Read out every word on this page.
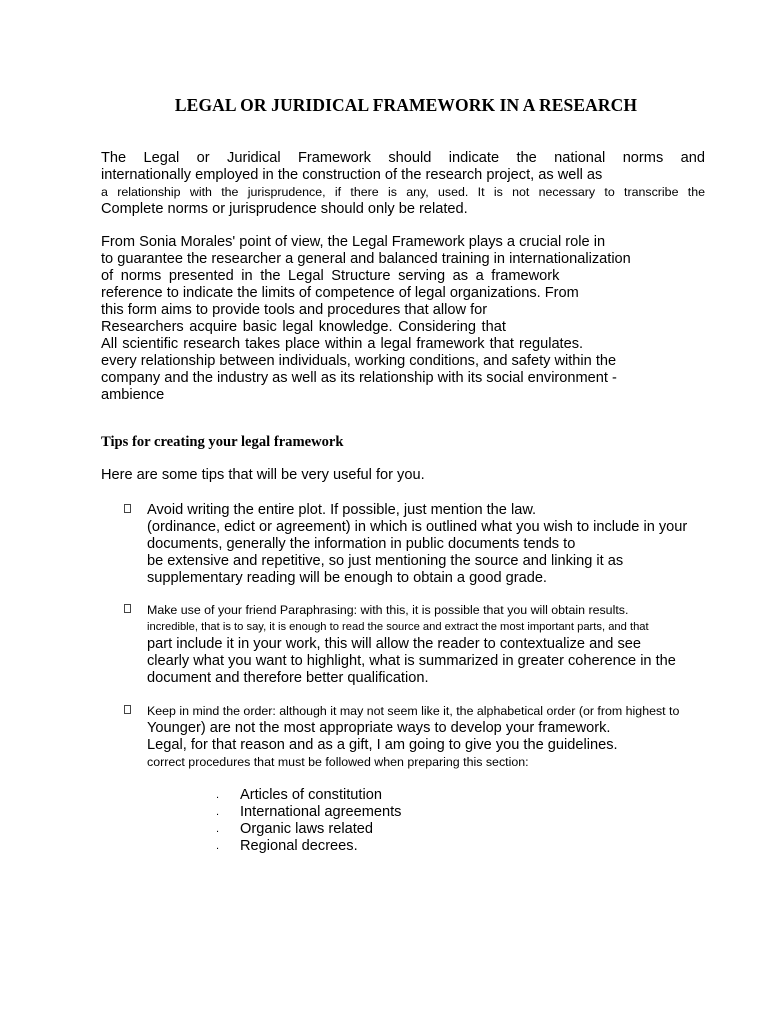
LEGAL OR JURIDICAL FRAMEWORK IN A RESEARCH
The Legal or Juridical Framework should indicate the national norms and
internationally employed in the construction of the research project, as well as
a relationship with the jurisprudence, if there is any, used. It is not necessary to transcribe the
Complete norms or jurisprudence should only be related.
From Sonia Morales' point of view, the Legal Framework plays a crucial role in
to guarantee the researcher a general and balanced training in internationalization
of norms presented in the Legal Structure serving as a framework
reference to indicate the limits of competence of legal organizations. From
this form aims to provide tools and procedures that allow for
Researchers acquire basic legal knowledge. Considering that
All scientific research takes place within a legal framework that regulates.
every relationship between individuals, working conditions, and safety within the
company and the industry as well as its relationship with its social environment -
ambience
Tips for creating your legal framework
Here are some tips that will be very useful for you.
Avoid writing the entire plot. If possible, just mention the law.
(ordinance, edict or agreement) in which is outlined what you wish to include in your
documents, generally the information in public documents tends to
be extensive and repetitive, so just mentioning the source and linking it as
supplementary reading will be enough to obtain a good grade.
Make use of your friend Paraphrasing: with this, it is possible that you will obtain results.
incredible, that is to say, it is enough to read the source and extract the most important parts, and that
part include it in your work, this will allow the reader to contextualize and see
clearly what you want to highlight, what is summarized in greater coherence in the
document and therefore better qualification.
Keep in mind the order: although it may not seem like it, the alphabetical order (or from highest to
Younger) are not the most appropriate ways to develop your framework.
Legal, for that reason and as a gift, I am going to give you the guidelines.
correct procedures that must be followed when preparing this section:
. Articles of constitution
. International agreements
. Organic laws related
. Regional decrees.
